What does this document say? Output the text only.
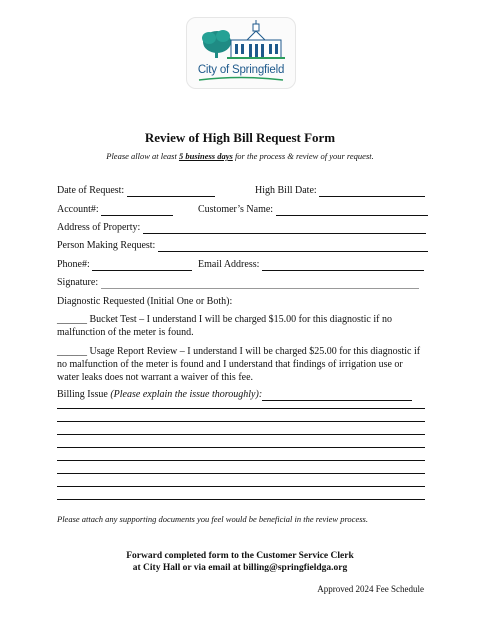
City of Springfield
Review of High Bill Request Form
Please allow at least 5 business days for the process & review of your request.
Date of Request:	High Bill Date:
Account#:	Customer’s Name:
Address of Property:
Person Making Request:
Phone#:	Email Address:
Signature:
Diagnostic Requested (Initial One or Both):
______ Bucket Test – I understand I will be charged $15.00 for this diagnostic if no malfunction of the meter is found.
______ Usage Report Review – I understand I will be charged $25.00 for this diagnostic if no malfunction of the meter is found and I understand that findings of irrigation use or water leaks does not warrant a waiver of this fee.
Billing Issue (Please explain the issue thoroughly):
Please attach any supporting documents you feel would be beneficial in the review process.
Forward completed form to the Customer Service Clerk
at City Hall or via email at billing@springfieldga.org
Approved 2024 Fee Schedule
